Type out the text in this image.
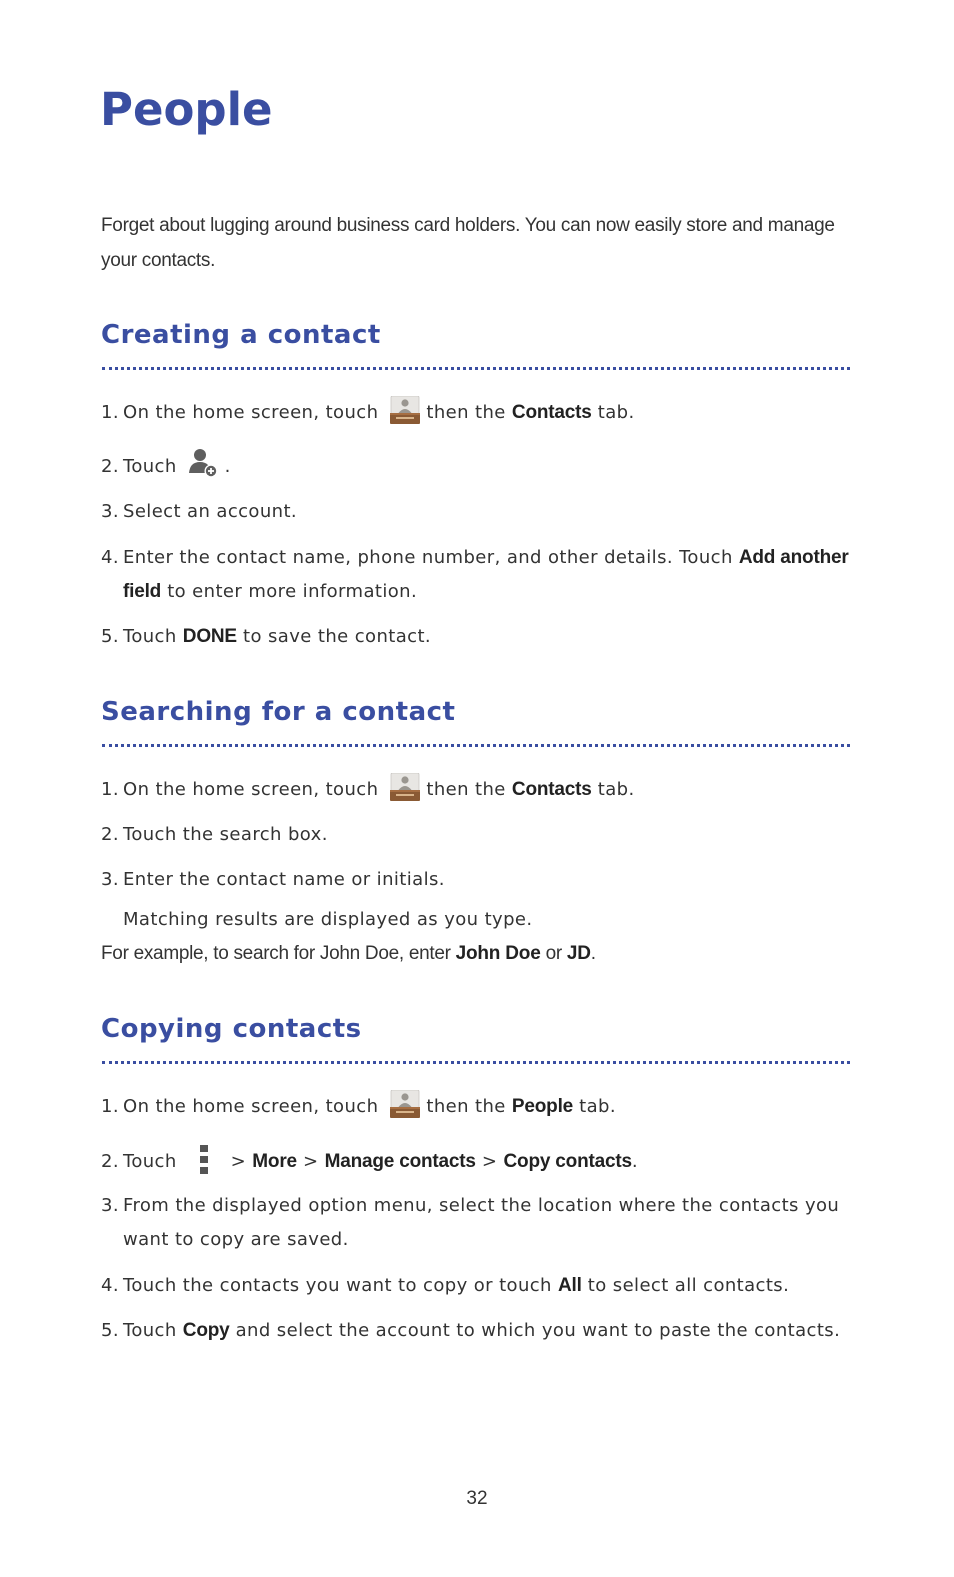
People

Forget about lugging around business card holders. You can now easily store and manage your contacts.

Creating a contact

1. On the home screen, touch	then the Contacts tab.

2. Touch	.

3. Select an account.

4. Enter the contact name, phone number, and other details. Touch Add another
field to enter more information.

5. Touch DONE to save the contact.

Searching for a contact

1. On the home screen, touch	then the Contacts tab.

2. Touch the search box.

3. Enter the contact name or initials.

Matching results are displayed as you type.

For example, to search for John Doe, enter John Doe or JD.

Copying contacts

1. On the home screen, touch	then the People tab.

2. Touch	> More > Manage contacts > Copy contacts.

3. From the displayed option menu, select the location where the contacts you
want to copy are saved.

4. Touch the contacts you want to copy or touch All to select all contacts.

5. Touch Copy and select the account to which you want to paste the contacts.

32
